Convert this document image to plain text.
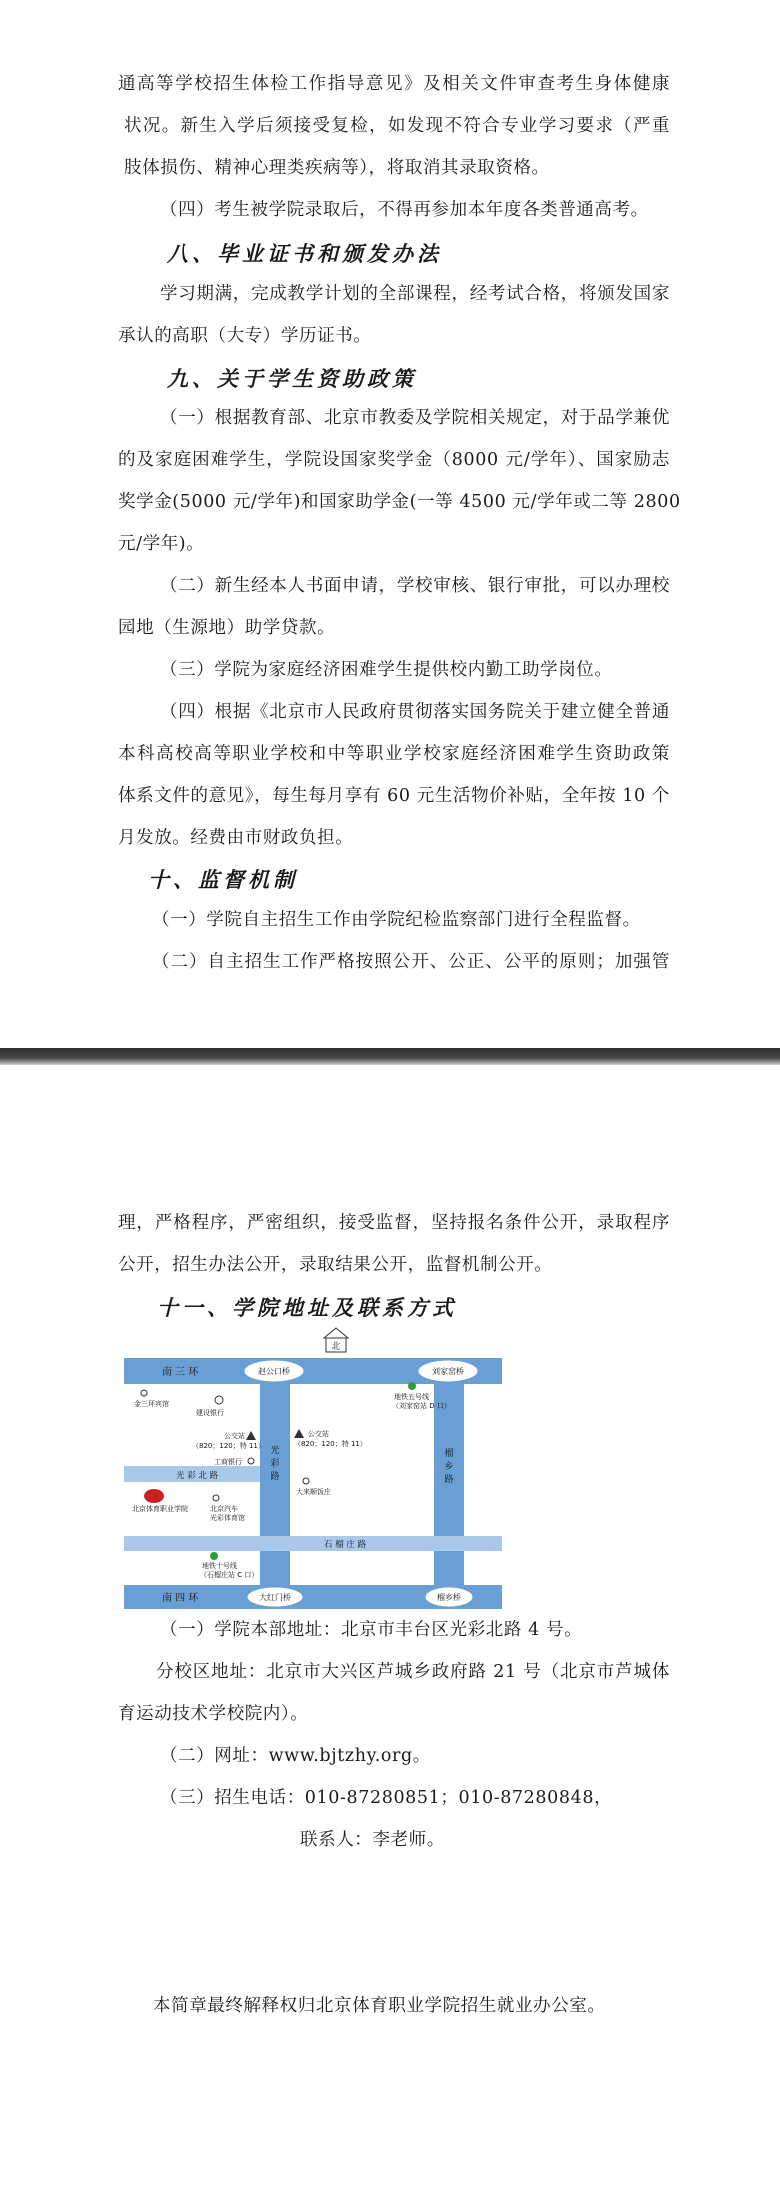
通高等学校招生体检工作指导意见》及相关文件审查考生身体健康
状况。新生入学后须接受复检，如发现不符合专业学习要求（严重
肢体损伤、精神心理类疾病等），将取消其录取资格。
（四）考生被学院录取后，不得再参加本年度各类普通高考。
八、毕业证书和颁发办法
学习期满，完成教学计划的全部课程，经考试合格，将颁发国家
承认的高职（大专）学历证书。
九、关于学生资助政策
（一）根据教育部、北京市教委及学院相关规定，对于品学兼优
的及家庭困难学生，学院设国家奖学金（8000 元/学年）、国家励志
奖学金(5000 元/学年)和国家助学金(一等 4500 元/学年或二等 2800
元/学年)。
（二）新生经本人书面申请，学校审核、银行审批，可以办理校
园地（生源地）助学贷款。
（三）学院为家庭经济困难学生提供校内勤工助学岗位。
（四）根据《北京市人民政府贯彻落实国务院关于建立健全普通
本科高校高等职业学校和中等职业学校家庭经济困难学生资助政策
体系文件的意见》，每生每月享有 60 元生活物价补贴，全年按 10 个
月发放。经费由市财政负担。
十、监督机制
（一）学院自主招生工作由学院纪检监察部门进行全程监督。
（二）自主招生工作严格按照公开、公正、公平的原则；加强管
理，严格程序，严密组织，接受监督，坚持报名条件公开，录取程序
公开，招生办法公开，录取结果公开，监督机制公开。
十一、学院地址及联系方式
北
南 三 环
南 四 环
光
彩
路
榴
乡
路
光 彩 北 路
石 榴 庄 路
赵公口桥	刘家窑桥
大红门桥	榴乡桥
金三环宾馆
建设银行
公交站
（820；120；特 11）
公交站
（820；120；特 11）
工商银行
大来顺饭庄
北京体育职业学院	北京汽车
光彩体育馆
地铁五号线
（刘家窑站 D 口）
地铁十号线
（石榴庄站 C 口）
（一）学院本部地址：北京市丰台区光彩北路 4 号。
分校区地址：北京市大兴区芦城乡政府路 21 号（北京市芦城体
育运动技术学校院内）。
（二）网址：www.bjtzhy.org。
（三）招生电话：010-87280851；010-87280848，
联系人：李老师。
本简章最终解释权归北京体育职业学院招生就业办公室。
